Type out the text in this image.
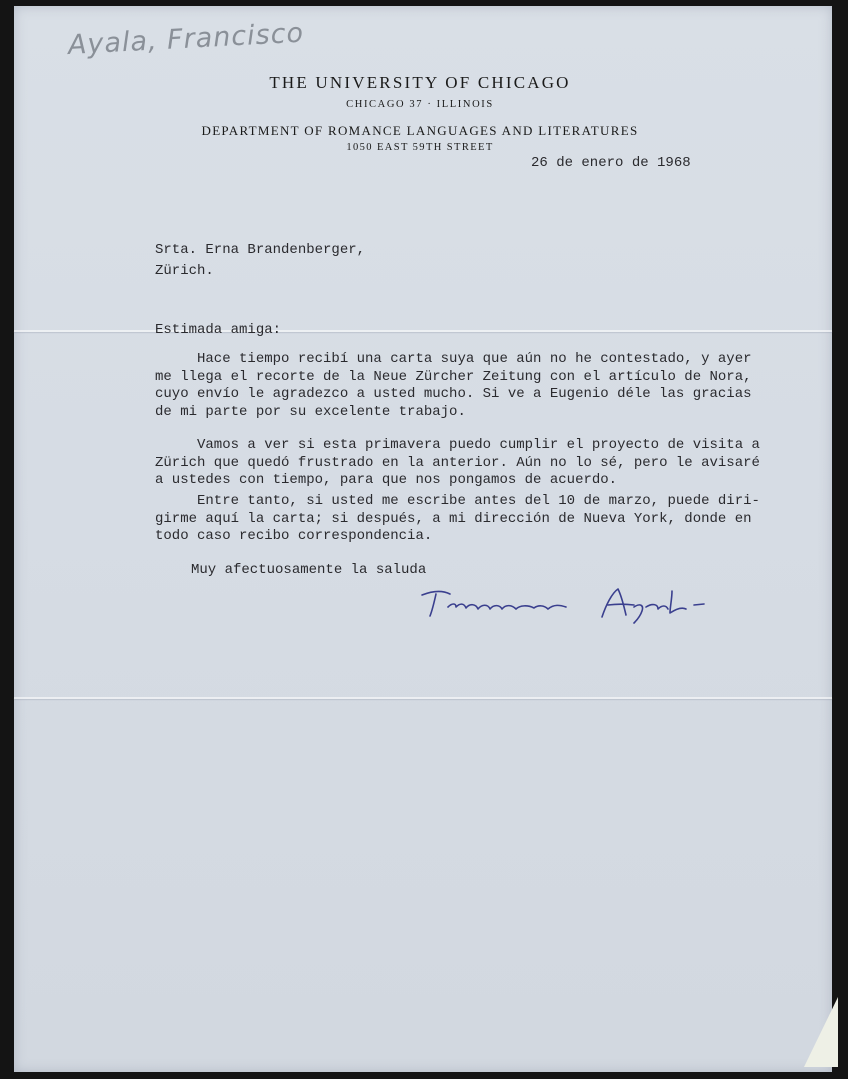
Ayala, Francisco
THE UNIVERSITY OF CHICAGO
CHICAGO 37 · ILLINOIS
DEPARTMENT OF ROMANCE LANGUAGES AND LITERATURES
1050 EAST 59TH STREET
26 de enero de 1968
Srta. Erna Brandenberger,
Zürich.
Estimada amiga:
Hace tiempo recibí una carta suya que aún no he contestado, y ayer
me llega el recorte de la Neue Zürcher Zeitung con el artículo de Nora,
cuyo envío le agradezco a usted mucho. Si ve a Eugenio déle las gracias
de mi parte por su excelente trabajo.
Vamos a ver si esta primavera puedo cumplir el proyecto de visita a
Zürich que quedó frustrado en la anterior. Aún no lo sé, pero le avisaré
a ustedes con tiempo, para que nos pongamos de acuerdo.
Entre tanto, si usted me escribe antes del 10 de marzo, puede diri-
girme aquí la carta; si después, a mi dirección de Nueva York, donde en
todo caso recibo correspondencia.
Muy afectuosamente la saluda
